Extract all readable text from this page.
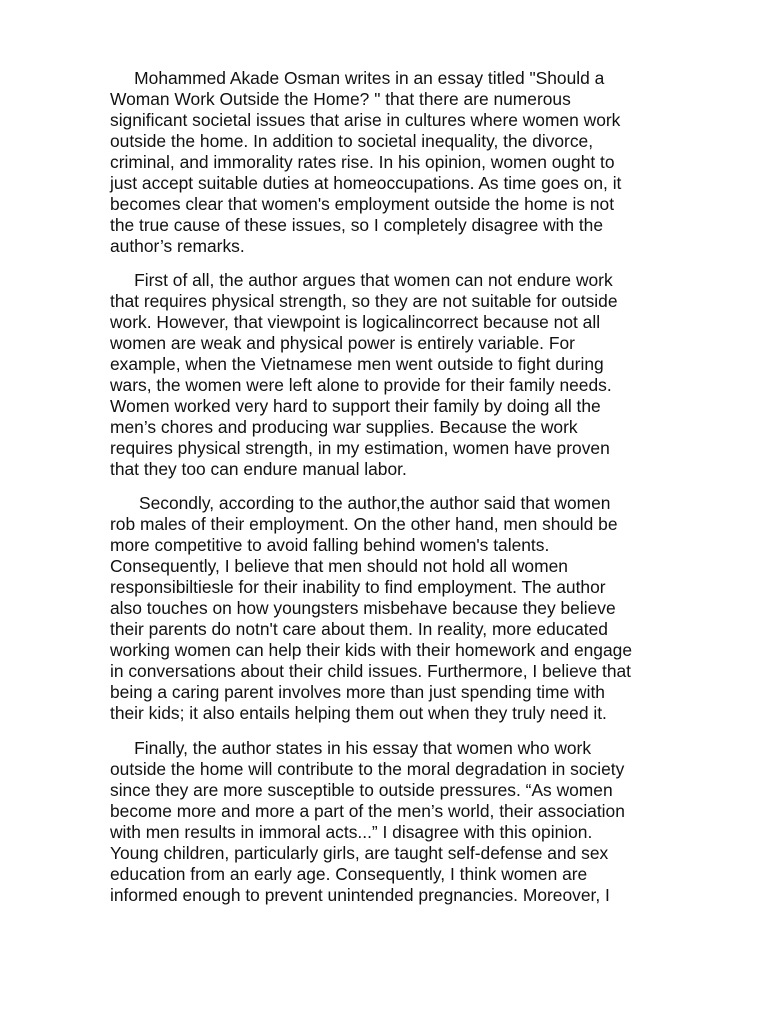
Mohammed Akade Osman writes in an essay titled "Should a
Woman Work Outside the Home? " that there are numerous
significant societal issues that arise in cultures where women work
outside the home. In addition to societal inequality, the divorce,
criminal, and immorality rates rise. In his opinion, women ought to
just accept suitable duties at homeoccupations. As time goes on, it
becomes clear that women's employment outside the home is not
the true cause of these issues, so I completely disagree with the
author’s remarks.
First of all, the author argues that women can not endure work
that requires physical strength, so they are not suitable for outside
work. However, that viewpoint is logicalincorrect because not all
women are weak and physical power is entirely variable. For
example, when the Vietnamese men went outside to fight during
wars, the women were left alone to provide for their family needs.
Women worked very hard to support their family by doing all the
men’s chores and producing war supplies. Because the work
requires physical strength, in my estimation, women have proven
that they too can endure manual labor.
Secondly, according to the author,the author said that women
rob males of their employment. On the other hand, men should be
more competitive to avoid falling behind women's talents.
Consequently, I believe that men should not hold all women
responsibiltiesle for their inability to find employment. The author
also touches on how youngsters misbehave because they believe
their parents do notn't care about them. In reality, more educated
working women can help their kids with their homework and engage
in conversations about their child issues. Furthermore, I believe that
being a caring parent involves more than just spending time with
their kids; it also entails helping them out when they truly need it.
Finally, the author states in his essay that women who work
outside the home will contribute to the moral degradation in society
since they are more susceptible to outside pressures. “As women
become more and more a part of the men’s world, their association
with men results in immoral acts...” I disagree with this opinion.
Young children, particularly girls, are taught self-defense and sex
education from an early age. Consequently, I think women are
informed enough to prevent unintended pregnancies. Moreover, I
